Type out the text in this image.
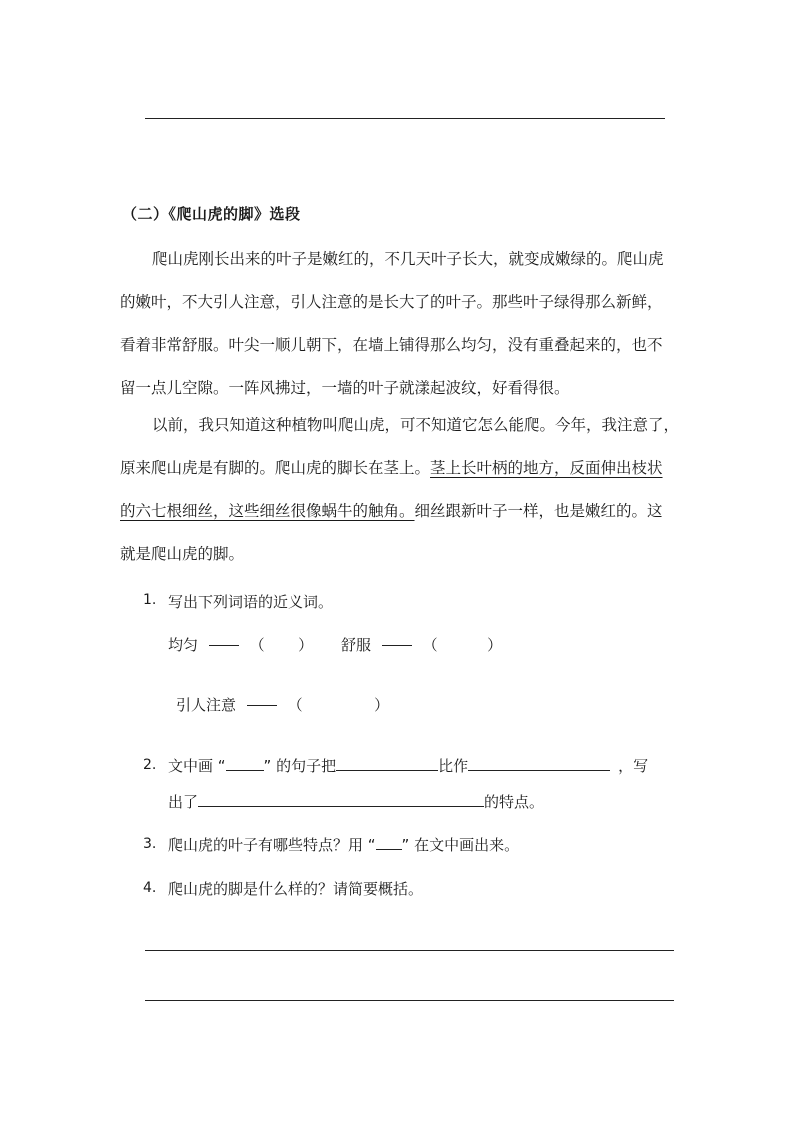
（二）《爬山虎的脚》选段
爬山虎刚长出来的叶子是嫩红的，不几天叶子长大，就变成嫩绿的。爬山虎
的嫩叶，不大引人注意，引人注意的是长大了的叶子。那些叶子绿得那么新鲜，
看着非常舒服。叶尖一顺儿朝下，在墙上铺得那么均匀，没有重叠起来的，也不
留一点儿空隙。一阵风拂过，一墙的叶子就漾起波纹，好看得很。
以前，我只知道这种植物叫爬山虎，可不知道它怎么能爬。今年，我注意了，
原来爬山虎是有脚的。爬山虎的脚长在茎上。茎上长叶柄的地方，反面伸出枝状
的六七根细丝，这些细丝很像蜗牛的触角。细丝跟新叶子一样，也是嫩红的。这
就是爬山虎的脚。
1. 写出下列词语的近义词。
均匀	（ ） 舒服	（	）
引人注意	（	）
2. 文中画 “	” 的句子把	比作	，写
出了	的特点。
3. 爬山虎的叶子有哪些特点？用 “ ” 在文中画出来。
4. 爬山虎的脚是什么样的？请简要概括。
